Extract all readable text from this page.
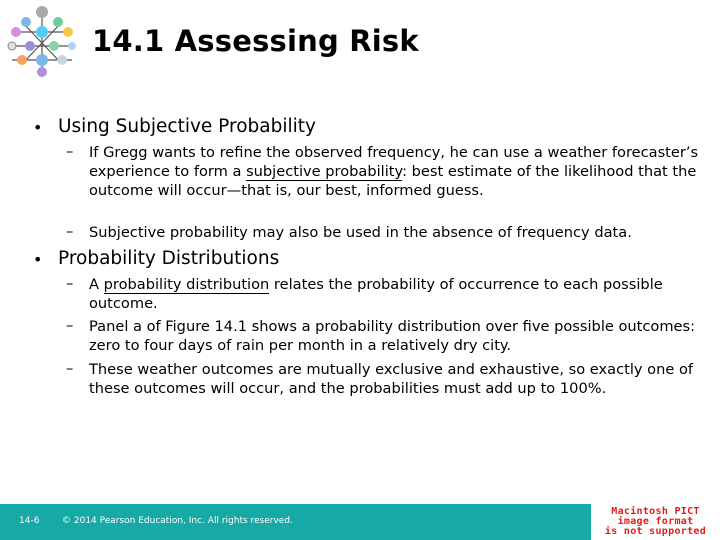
14.1 Assessing Risk
• Using Subjective Probability
– If Gregg wants to refine the observed frequency, he can use a weather forecaster’s experience to form a subjective probability: best estimate of the likelihood that the outcome will occur—that is, our best, informed guess.
– Subjective probability may also be used in the absence of frequency data.
• Probability Distributions
– A probability distribution relates the probability of occurrence to each possible outcome.
– Panel a of Figure 14.1 shows a probability distribution over five possible outcomes: zero to four days of rain per month in a relatively dry city.
– These weather outcomes are mutually exclusive and exhaustive, so exactly one of these outcomes will occur, and the probabilities must add up to 100%.
14-6	© 2014 Pearson Education, Inc. All rights reserved.
Macintosh PICT
image format
is not supported
